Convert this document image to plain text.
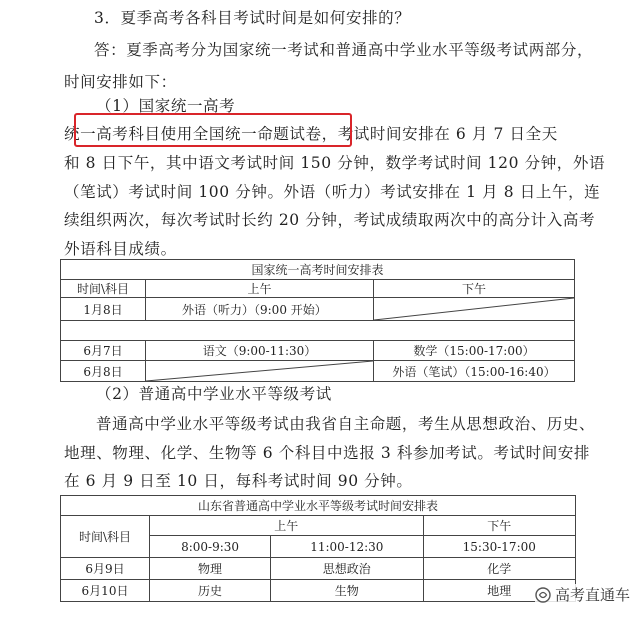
3．夏季高考各科目考试时间是如何安排的？
答：夏季高考分为国家统一考试和普通高中学业水平等级考试两部分，
时间安排如下：
（1）国家统一高考
统一高考科目使用全国统一命题试卷，考试时间安排在 6 月 7 日全天
和 8 日下午，其中语文考试时间 150 分钟，数学考试时间 120 分钟，外语
（笔试）考试时间 100 分钟。外语（听力）考试安排在 1 月 8 日上午，连
续组织两次，每次考试时长约 20 分钟，考试成绩取两次中的高分计入高考
外语科目成绩。
国家统一高考时间安排表		
时间\科目	上午	下午
1月8日	外语（听力）（9:00 开始）	

6月7日	语文（9:00-11:30）	数学（15:00-17:00）
6月8日		外语（笔试）（15:00-16:40）
（2）普通高中学业水平等级考试
普通高中学业水平等级考试由我省自主命题，考生从思想政治、历史、
地理、物理、化学、生物等 6 个科目中选报 3 科参加考试。考试时间安排
在 6 月 9 日至 10 日，每科考试时间 90 分钟。
山东省普通高中学业水平等级考试时间安排表			
时间\科目	上午		下午
	8:00-9:30	11:00-12:30	15:30-17:00
6月9日	物理	思想政治	化学
6月10日	历史	生物	地理	高考直通车
